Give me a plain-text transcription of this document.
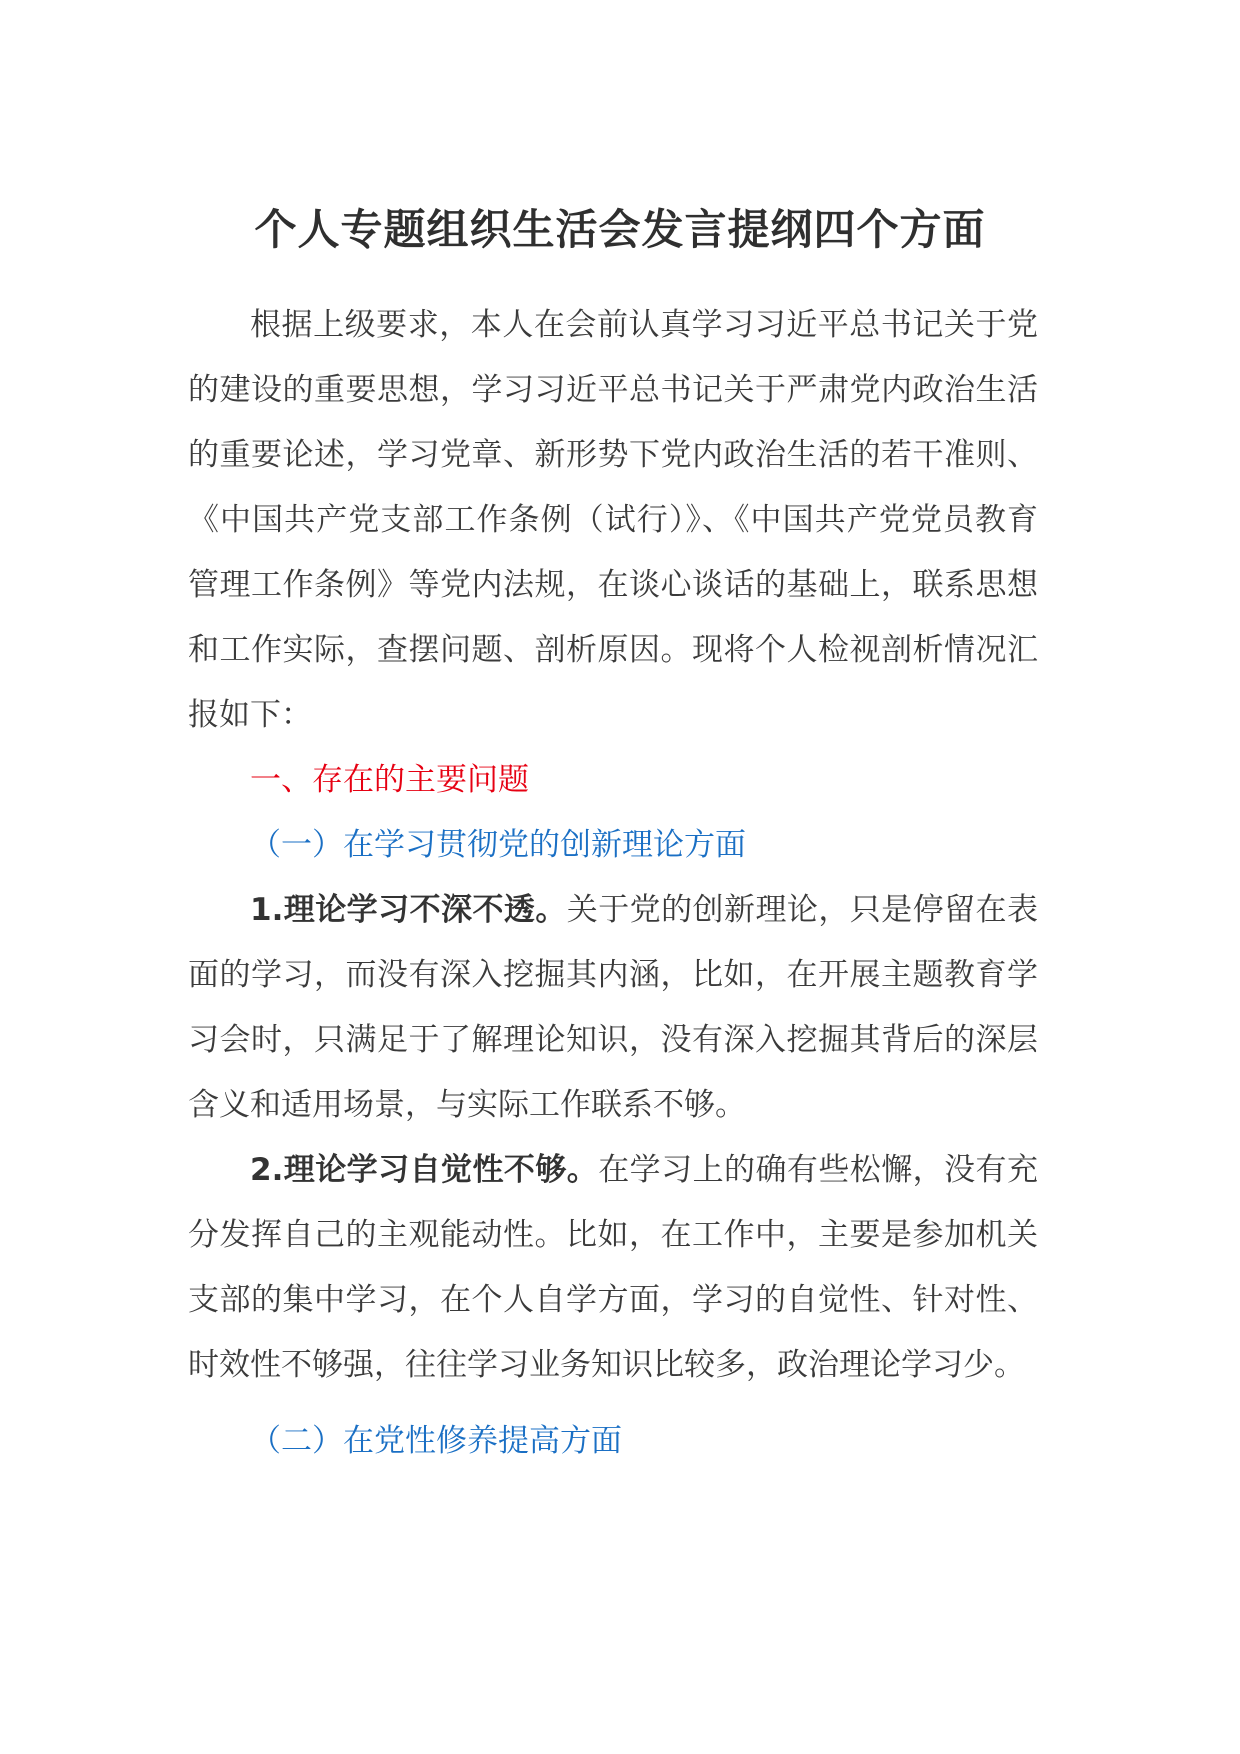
个人专题组织生活会发言提纲四个方面

根据上级要求，本人在会前认真学习习近平总书记关于党的建设的重要思想，学习习近平总书记关于严肃党内政治生活的重要论述，学习党章、新形势下党内政治生活的若干准则、《中国共产党支部工作条例（试行）》、《中国共产党党员教育管理工作条例》等党内法规，在谈心谈话的基础上，联系思想和工作实际，查摆问题、剖析原因。现将个人检视剖析情况汇报如下：

一、存在的主要问题

（一）在学习贯彻党的创新理论方面

1.理论学习不深不透。关于党的创新理论，只是停留在表面的学习，而没有深入挖掘其内涵，比如，在开展主题教育学习会时，只满足于了解理论知识，没有深入挖掘其背后的深层含义和适用场景，与实际工作联系不够。

2.理论学习自觉性不够。在学习上的确有些松懈，没有充分发挥自己的主观能动性。比如，在工作中，主要是参加机关支部的集中学习，在个人自学方面，学习的自觉性、针对性、时效性不够强，往往学习业务知识比较多，政治理论学习少。

（二）在党性修养提高方面
